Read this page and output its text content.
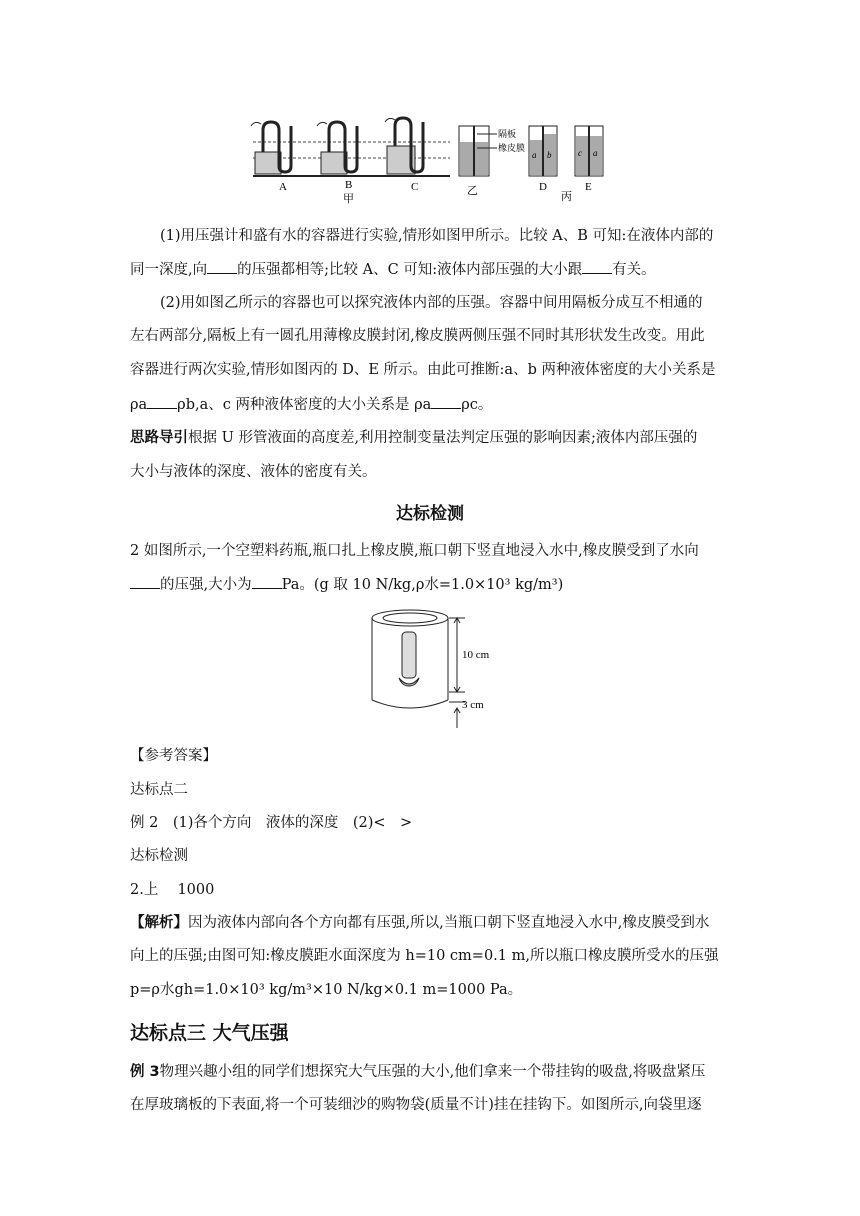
A	B	C
甲
隔板
橡皮膜
乙
a b
D
c a
E
丙
(1)用压强计和盛有水的容器进行实验,情形如图甲所示。比较 A、B 可知:在液体内部的
同一深度,向 的压强都相等;比较 A、C 可知:液体内部压强的大小跟 有关。
(2)用如图乙所示的容器也可以探究液体内部的压强。容器中间用隔板分成互不相通的
左右两部分,隔板上有一圆孔用薄橡皮膜封闭,橡皮膜两侧压强不同时其形状发生改变。用此
容器进行两次实验,情形如图丙的 D、E 所示。由此可推断:a、b 两种液体密度的大小关系是
ρa ρb,a、c 两种液体密度的大小关系是 ρa ρc。
思路导引根据 U 形管液面的高度差,利用控制变量法判定压强的影响因素;液体内部压强的
大小与液体的深度、液体的密度有关。
达标检测
2 如图所示,一个空塑料药瓶,瓶口扎上橡皮膜,瓶口朝下竖直地浸入水中,橡皮膜受到了水向
的压强,大小为 Pa。(g 取 10 N/kg,ρ水=1.0×10³ kg/m³)
10 cm
3 cm
【参考答案】
达标点二
例 2　(1)各个方向　液体的深度　(2)<　>
达标检测
2.上　 1000
【解析】因为液体内部向各个方向都有压强,所以,当瓶口朝下竖直地浸入水中,橡皮膜受到水
向上的压强;由图可知:橡皮膜距水面深度为 h=10 cm=0.1 m,所以瓶口橡皮膜所受水的压强
p=ρ水gh=1.0×10³ kg/m³×10 N/kg×0.1 m=1000 Pa。
达标点三 大气压强
例 3物理兴趣小组的同学们想探究大气压强的大小,他们拿来一个带挂钩的吸盘,将吸盘紧压
在厚玻璃板的下表面,将一个可装细沙的购物袋(质量不计)挂在挂钩下。如图所示,向袋里逐
